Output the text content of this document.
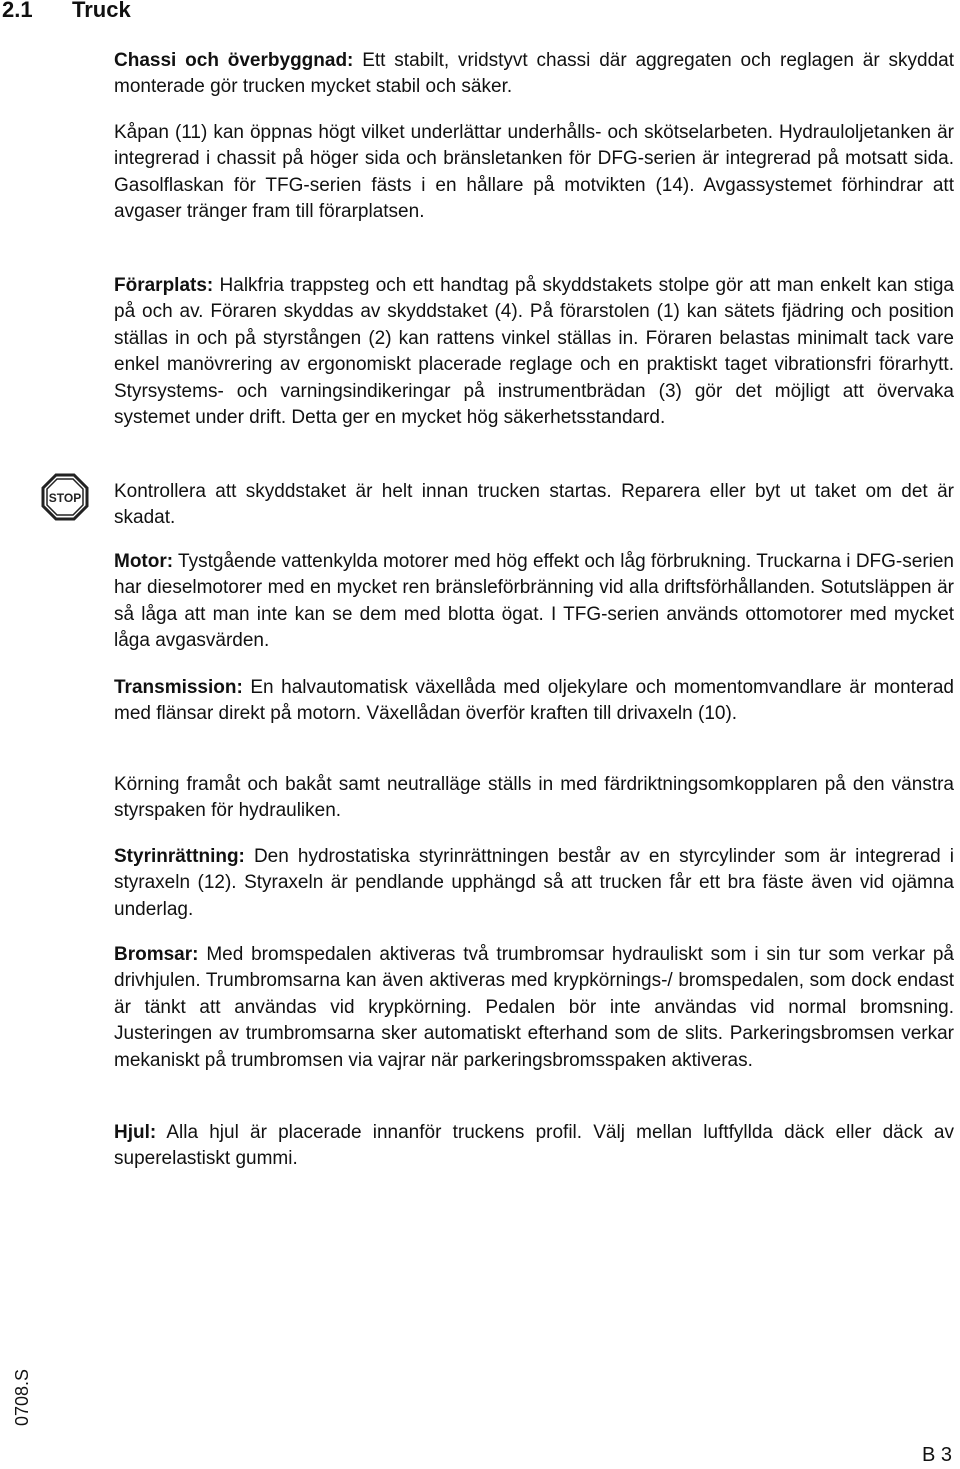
2.1 Truck

Chassi och överbyggnad: Ett stabilt, vridstyvt chassi där aggregaten och reglagen är skyddat monterade gör trucken mycket stabil och säker.

Kåpan (11) kan öppnas högt vilket underlättar underhålls- och skötselarbeten. Hydrauloljetanken är integrerad i chassit på höger sida och bränsletanken för DFG-serien är integrerad på motsatt sida. Gasolflaskan för TFG-serien fästs i en hållare på motvikten (14). Avgassystemet förhindrar att avgaser tränger fram till förarplatsen.

Förarplats: Halkfria trappsteg och ett handtag på skyddstakets stolpe gör att man enkelt kan stiga på och av. Föraren skyddas av skyddstaket (4). På förarstolen (1) kan sätets fjädring och position ställas in och på styrstången (2) kan rattens vinkel ställas in. Föraren belastas minimalt tack vare enkel manövrering av ergonomiskt placerade reglage och en praktiskt taget vibrationsfri förarhytt. Styrsystems- och varningsindikeringar på instrumentbrädan (3) gör det möjligt att övervaka systemet under drift. Detta ger en mycket hög säkerhetsstandard.

STOP Kontrollera att skyddstaket är helt innan trucken startas. Reparera eller byt ut taket om det är skadat.

Motor: Tystgående vattenkylda motorer med hög effekt och låg förbrukning. Truckarna i DFG-serien har dieselmotorer med en mycket ren bränsleförbränning vid alla driftsförhållanden. Sotutsläppen är så låga att man inte kan se dem med blotta ögat. I TFG-serien används ottomotorer med mycket låga avgasvärden.

Transmission: En halvautomatisk växellåda med oljekylare och momentomvandlare är monterad med flänsar direkt på motorn. Växellådan överför kraften till drivaxeln (10).

Körning framåt och bakåt samt neutralläge ställs in med färdriktningsomkopplaren på den vänstra styrspaken för hydrauliken.

Styrinrättning: Den hydrostatiska styrinrättningen består av en styrcylinder som är integrerad i styraxeln (12). Styraxeln är pendlande upphängd så att trucken får ett bra fäste även vid ojämna underlag.

Bromsar: Med bromspedalen aktiveras två trumbromsar hydrauliskt som i sin tur som verkar på drivhjulen. Trumbromsarna kan även aktiveras med krypkörnings-/ bromspedalen, som dock endast är tänkt att användas vid krypkörning. Pedalen bör inte användas vid normal bromsning. Justeringen av trumbromsarna sker automatiskt efterhand som de slits. Parkeringsbromsen verkar mekaniskt på trumbromsen via vajrar när parkeringsbromsspaken aktiveras.

Hjul: Alla hjul är placerade innanför truckens profil. Välj mellan luftfyllda däck eller däck av superelastiskt gummi.

0708.S
B 3
